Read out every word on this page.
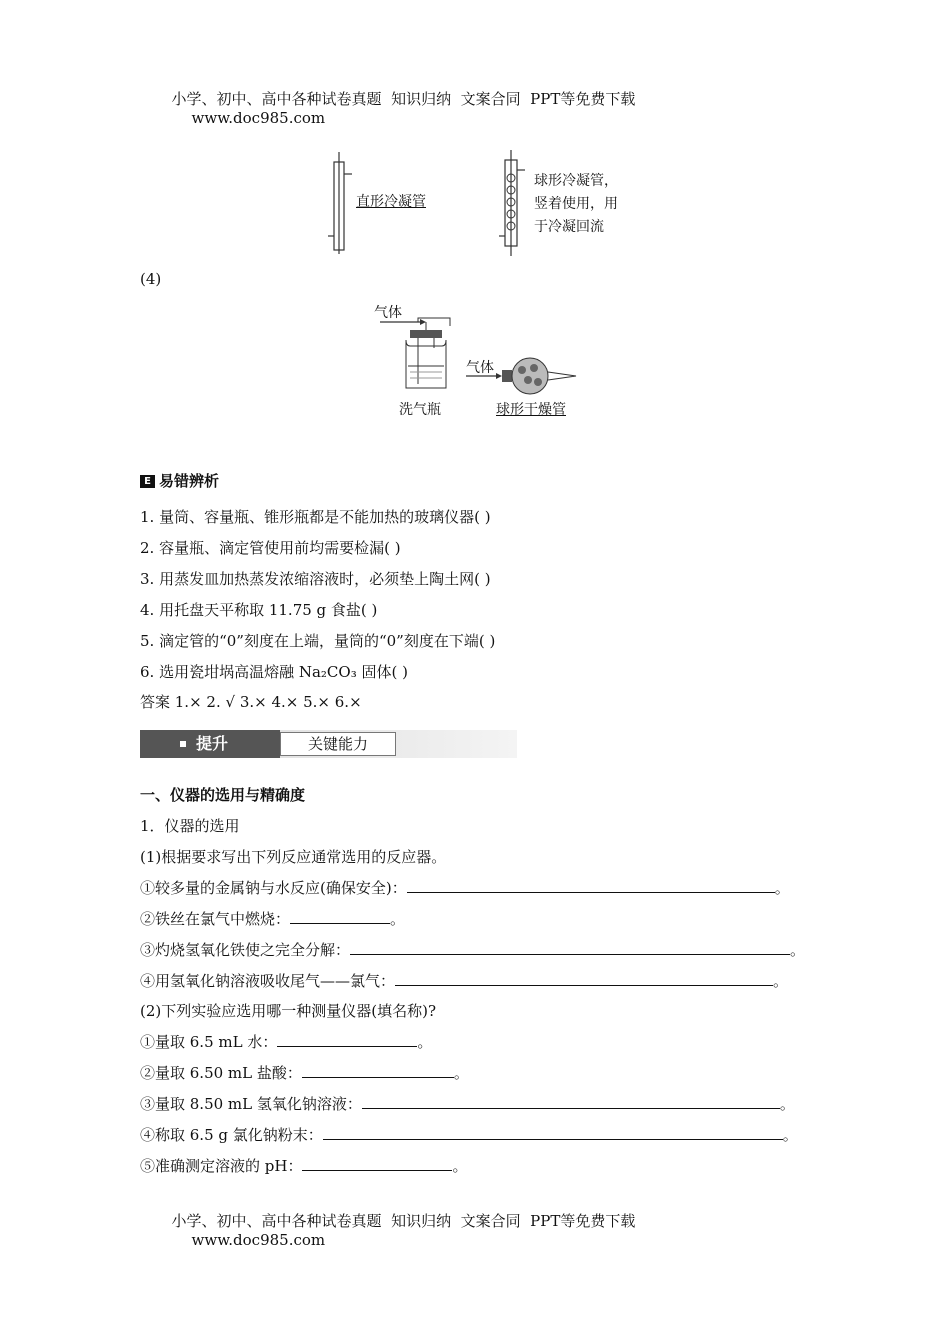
小学、初中、高中各种试卷真题  知识归纳  文案合同  PPT等免费下载
www.doc985.com

直形冷凝管
球形冷凝管，
竖着使用，用
于冷凝回流
(4)
气体
气体
洗气瓶	球形干燥管
E 易错辨析
1. 量筒、容量瓶、锥形瓶都是不能加热的玻璃仪器( )
2. 容量瓶、滴定管使用前均需要检漏( )
3. 用蒸发皿加热蒸发浓缩溶液时，必须垫上陶土网( )
4. 用托盘天平称取 11.75 g 食盐( )
5. 滴定管的“0”刻度在上端，量筒的“0”刻度在下端( )
6. 选用瓷坩埚高温熔融 Na₂CO₃ 固体( )
答案 1.× 2. √ 3.× 4.× 5.× 6.×
提升	关键能力
一、仪器的选用与精确度
1．仪器的选用
(1)根据要求写出下列反应通常选用的反应器。
①较多量的金属钠与水反应(确保安全)：	。
②铁丝在氯气中燃烧：	。
③灼烧氢氧化铁使之完全分解：	。
④用氢氧化钠溶液吸收尾气——氯气：	。
(2)下列实验应选用哪一种测量仪器(填名称)?
①量取 6.5 mL 水：	。
②量取 6.50 mL 盐酸：	。
③量取 8.50 mL 氢氧化钠溶液：	。
④称取 6.5 g 氯化钠粉末：	。
⑤准确测定溶液的 pH：	。

小学、初中、高中各种试卷真题  知识归纳  文案合同  PPT等免费下载
www.doc985.com
